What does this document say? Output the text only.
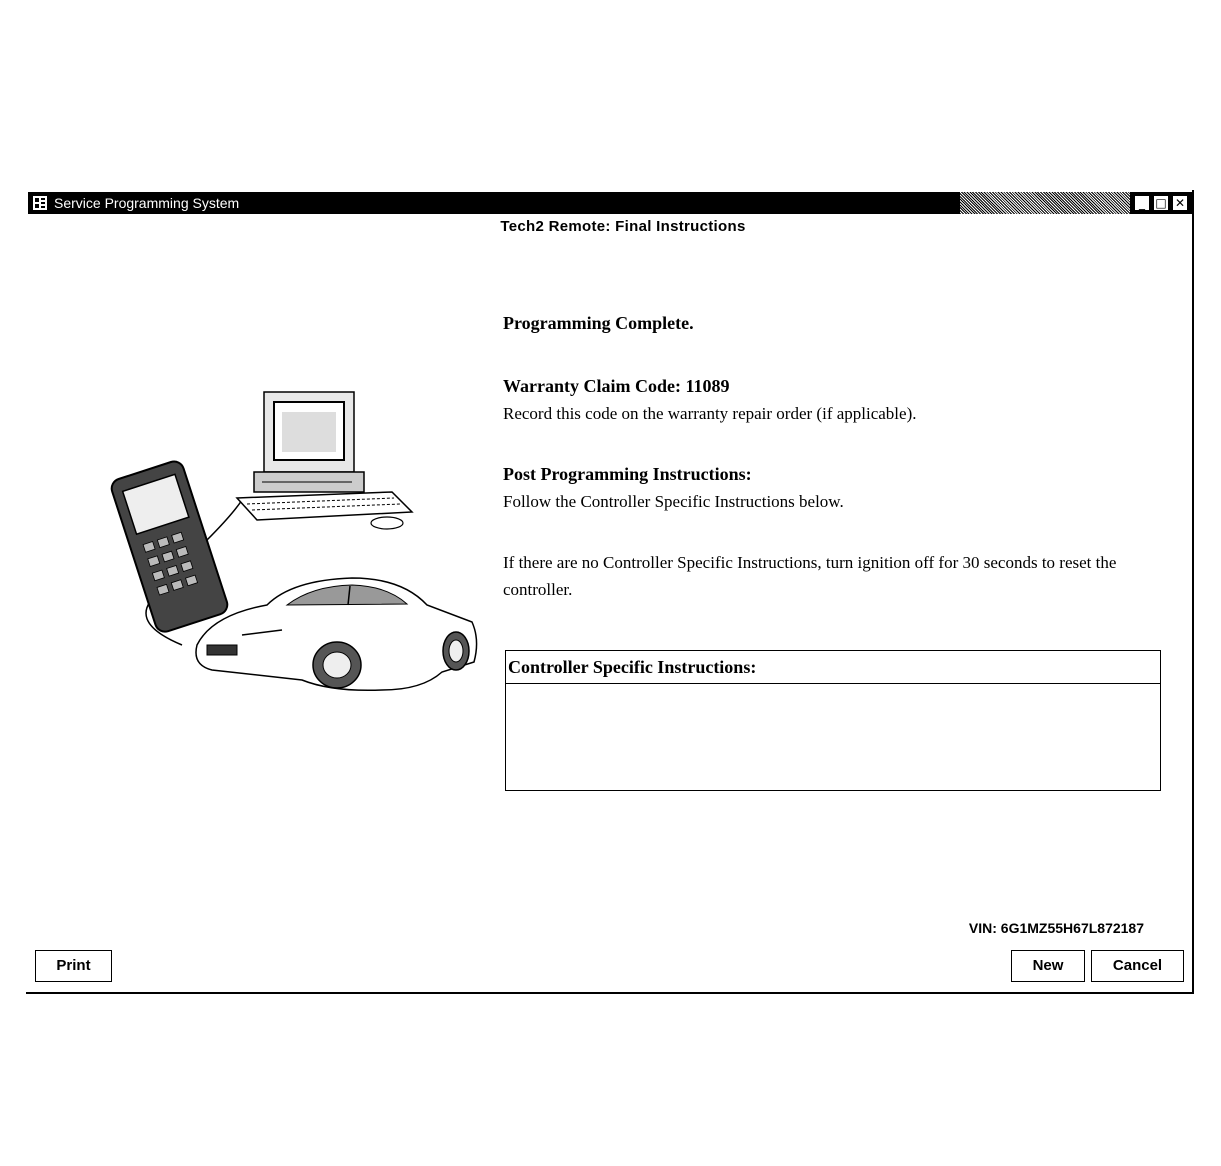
Service Programming System	_ □ ✕
Tech2 Remote: Final Instructions

Programming Complete.

Warranty Claim Code: 11089

Record this code on the warranty repair order (if applicable).

Post Programming Instructions:

Follow the Controller Specific Instructions below.

If there are no Controller Specific Instructions, turn ignition off for 30 seconds to reset the controller.

Controller Specific Instructions:
VIN: 6G1MZ55H67L872187
Print	New	Cancel
